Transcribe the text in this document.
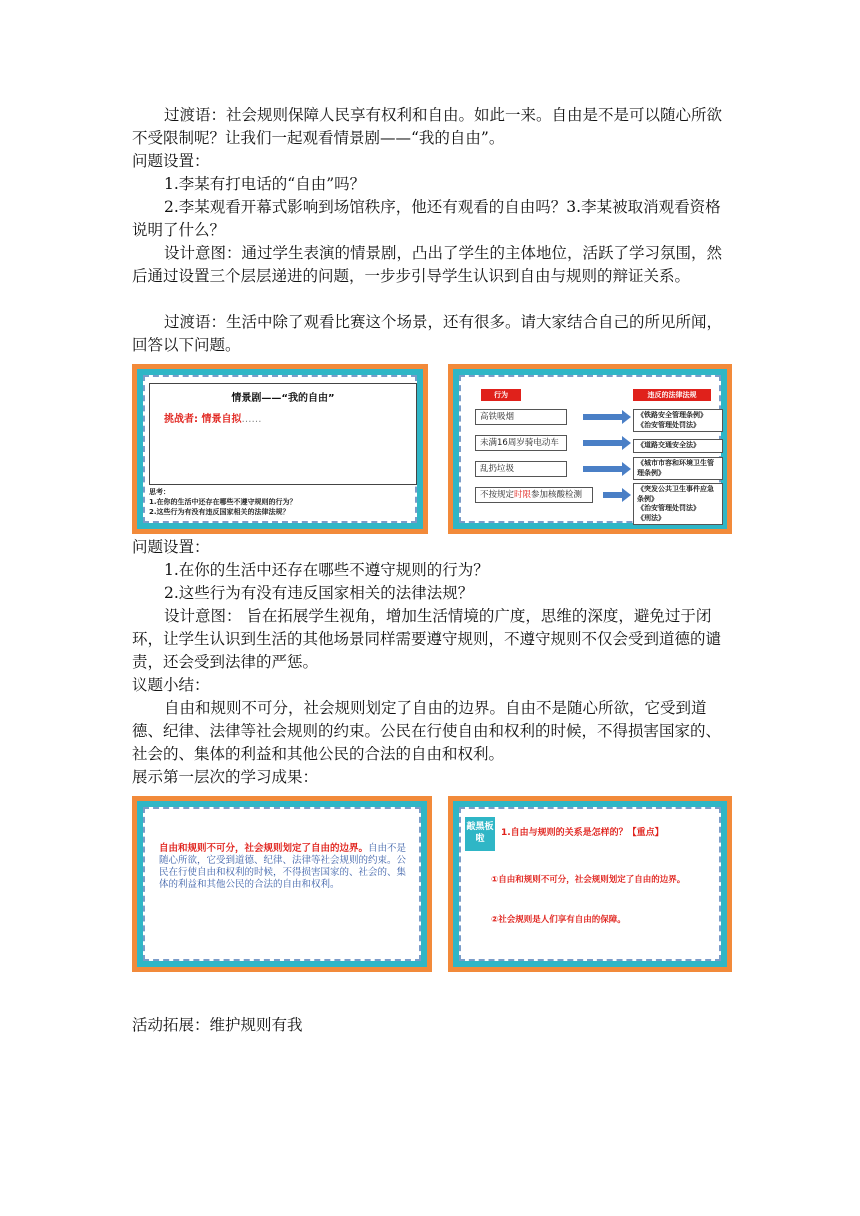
过渡语：社会规则保障人民享有权利和自由。如此一来。自由是不是可以随心所欲不受限制呢？让我们一起观看情景剧——“我的自由”。

问题设置：

1.李某有打电话的“自由”吗？

2.李某观看开幕式影响到场馆秩序，他还有观看的自由吗？3.李某被取消观看资格说明了什么？

设计意图：通过学生表演的情景剧，凸出了学生的主体地位，活跃了学习氛围，然后通过设置三个层层递进的问题，一步步引导学生认识到自由与规则的辩证关系。

过渡语：生活中除了观看比赛这个场景，还有很多。请大家结合自己的所见所闻，回答以下问题。

情景剧——“我的自由”
挑战者: 情景自拟……
思考：
1.在你的生活中还存在哪些不遵守规则的行为？
2.这些行为有没有违反国家相关的法律法规？
行为	违反的法律法规
高铁吸烟
未满16周岁骑电动车
乱扔垃圾
不按规定时限参加核酸检测
《铁路安全管理条例》
《治安管理处罚法》
《道路交通安全法》
《城市市容和环境卫生管理条例》
《突发公共卫生事件应急条例》
《治安管理处罚法》
《刑法》

问题设置：

1.在你的生活中还存在哪些不遵守规则的行为？

2.这些行为有没有违反国家相关的法律法规？

设计意图： 旨在拓展学生视角，增加生活情境的广度，思维的深度，避免过于闭环，让学生认识到生活的其他场景同样需要遵守规则，不遵守规则不仅会受到道德的谴责，还会受到法律的严惩。

议题小结：

自由和规则不可分，社会规则划定了自由的边界。自由不是随心所欲，它受到道德、纪律、法律等社会规则的约束。公民在行使自由和权利的时候，不得损害国家的、社会的、集体的利益和其他公民的合法的自由和权利。

展示第一层次的学习成果：

自由和规则不可分，社会规则划定了自由的边界。自由不是随心所欲，它受到道德、纪律、法律等社会规则的约束。公民在行使自由和权利的时候，不得损害国家的、社会的、集体的利益和其他公民的合法的自由和权利。
敲黑板啦
1.自由与规则的关系是怎样的？【重点】
①自由和规则不可分，社会规则划定了自由的边界。
②社会规则是人们享有自由的保障。

活动拓展：维护规则有我
